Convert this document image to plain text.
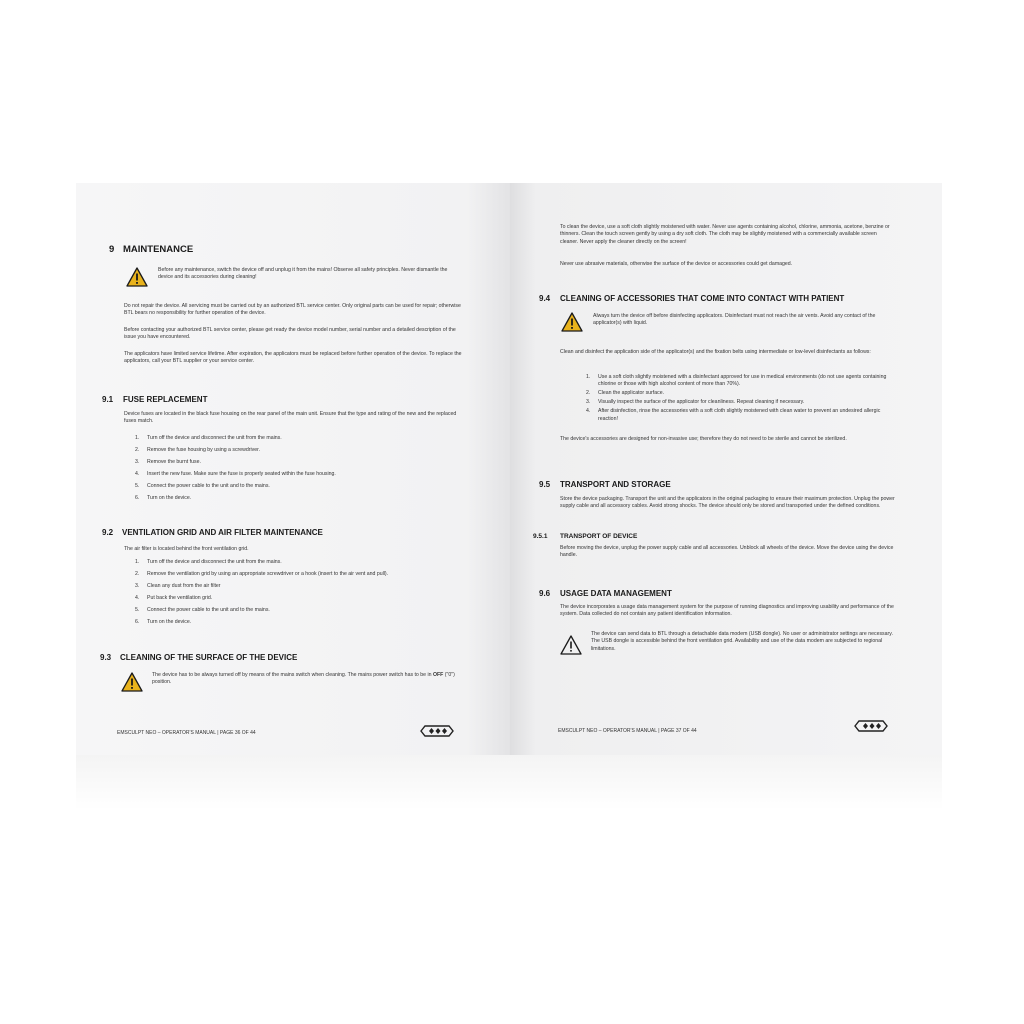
9 MAINTENANCE
Before any maintenance, switch the device off and unplug it from the mains! Observe all safety principles. Never dismantle the device and its accessories during cleaning!
Do not repair the device. All servicing must be carried out by an authorized BTL service center. Only original parts can be used for repair; otherwise BTL bears no responsibility for further operation of the device.
Before contacting your authorized BTL service center, please get ready the device model number, serial number and a detailed description of the issue you have encountered.
The applicators have limited service lifetime. After expiration, the applicators must be replaced before further operation of the device. To replace the applicators, call your BTL supplier or your service center.
9.1 FUSE REPLACEMENT
Device fuses are located in the black fuse housing on the rear panel of the main unit. Ensure that the type and rating of the new and the replaced fuses match.
1. Turn off the device and disconnect the unit from the mains.
2. Remove the fuse housing by using a screwdriver.
3. Remove the burnt fuse.
4. Insert the new fuse. Make sure the fuse is properly seated within the fuse housing.
5. Connect the power cable to the unit and to the mains.
6. Turn on the device.
9.2 VENTILATION GRID AND AIR FILTER MAINTENANCE
The air filter is located behind the front ventilation grid.
1. Turn off the device and disconnect the unit from the mains.
2. Remove the ventilation grid by using an appropriate screwdriver or a hook (insert to the air vent and pull).
3. Clean any dust from the air filter
4. Put back the ventilation grid.
5. Connect the power cable to the unit and to the mains.
6. Turn on the device.
9.3 CLEANING OF THE SURFACE OF THE DEVICE
The device has to be always turned off by means of the mains switch when cleaning. The mains power switch has to be in OFF ("0") position.
EMSCULPT NEO – OPERATOR'S MANUAL | PAGE 36 OF 44
To clean the device, use a soft cloth slightly moistened with water. Never use agents containing alcohol, chlorine, ammonia, acetone, benzine or thinners. Clean the touch screen gently by using a dry soft cloth. The cloth may be slightly moistened with a commercially available screen cleaner. Never apply the cleaner directly on the screen!
Never use abrasive materials, otherwise the surface of the device or accessories could get damaged.
9.4 CLEANING OF ACCESSORIES THAT COME INTO CONTACT WITH PATIENT
Always turn the device off before disinfecting applicators. Disinfectant must not reach the air vents. Avoid any contact of the applicator(s) with liquid.
Clean and disinfect the application side of the applicator(s) and the fixation belts using intermediate or low-level disinfectants as follows:
1. Use a soft cloth slightly moistened with a disinfectant approved for use in medical environments (do not use agents containing chlorine or those with high alcohol content of more than 70%).
2. Clean the applicator surface.
3. Visually inspect the surface of the applicator for cleanliness. Repeat cleaning if necessary.
4. After disinfection, rinse the accessories with a soft cloth slightly moistened with clean water to prevent an undesired allergic reaction!
The device's accessories are designed for non-invasive use; therefore they do not need to be sterile and cannot be sterilized.
9.5 TRANSPORT AND STORAGE
Store the device packaging. Transport the unit and the applicators in the original packaging to ensure their maximum protection. Unplug the power supply cable and all accessory cables. Avoid strong shocks. The device should only be stored and transported under the defined conditions.
9.5.1 TRANSPORT OF DEVICE
Before moving the device, unplug the power supply cable and all accessories. Unblock all wheels of the device. Move the device using the device handle.
9.6 USAGE DATA MANAGEMENT
The device incorporates a usage data management system for the purpose of running diagnostics and improving usability and performance of the system. Data collected do not contain any patient identification information.
The device can send data to BTL through a detachable data modem (USB dongle). No user or administrator settings are necessary. The USB dongle is accessible behind the front ventilation grid. Availability and use of the data modem are subjected to regional limitations.
EMSCULPT NEO – OPERATOR'S MANUAL | PAGE 37 OF 44
